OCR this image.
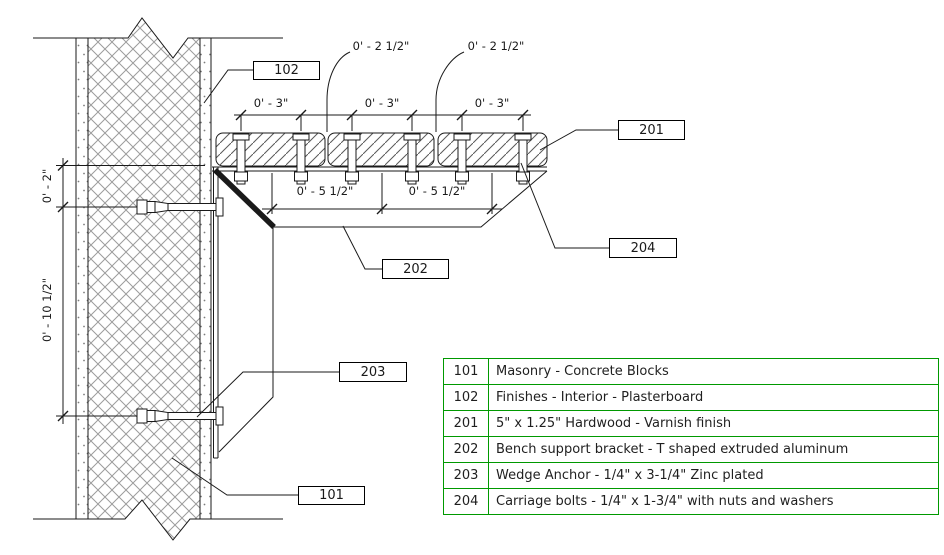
0' - 3"	0' - 3"	0' - 3"
0' - 2 1/2"	0' - 2 1/2"
0' - 5 1/2"	0' - 5 1/2"
0' - 2"
0' - 10 1/2"
102
201
204
202
203
101
101	Masonry - Concrete Blocks
102	Finishes - Interior - Plasterboard
201	5" x 1.25" Hardwood - Varnish finish
202	Bench support bracket - T shaped extruded aluminum
203	Wedge Anchor - 1/4" x 3-1/4" Zinc plated
204	Carriage bolts - 1/4" x 1-3/4" with nuts and washers
